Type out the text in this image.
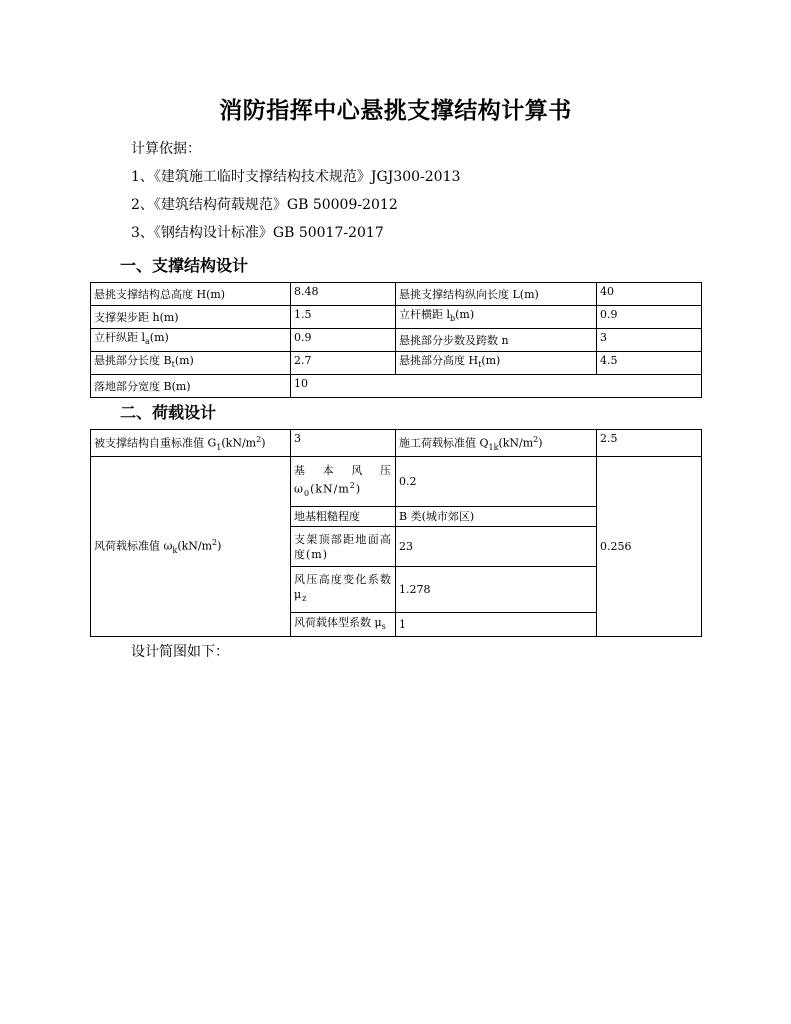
消防指挥中心悬挑支撑结构计算书
计算依据：
1、《建筑施工临时支撑结构技术规范》JGJ300-2013
2、《建筑结构荷载规范》GB 50009-2012
3、《钢结构设计标准》GB 50017-2017
一、支撑结构设计
悬挑支撑结构总高度 H(m)	8.48	悬挑支撑结构纵向长度 L(m)	40
支撑架步距 h(m)	1.5	立杆横距 $l_b(m)$	0.9
立杆纵距 $l_a(m)$	0.9	悬挑部分步数及跨数 n	3
悬挑部分长度 $B_t(m)$	2.7	悬挑部分高度 $H_t(m)$	4.5
落地部分宽度 B(m)	10		
二、荷载设计
被支撑结构自重标准值 $G_1(kN/m^2)$	3	施工荷载标准值 $Q_{1k}(kN/m^2)$	2.5
风荷载标准值 $\omega_k(kN/m^2)$	基 本 风 压 $\omega_0(kN/m^2)$	0.2	0.256
	地基粗糙程度	B 类(城市郊区)	
	支架顶部距地面高度(m)	23	
	风压高度变化系数 $\mu_z$	1.278	
	风荷载体型系数 $\mu_s$	1	
设计简图如下：
